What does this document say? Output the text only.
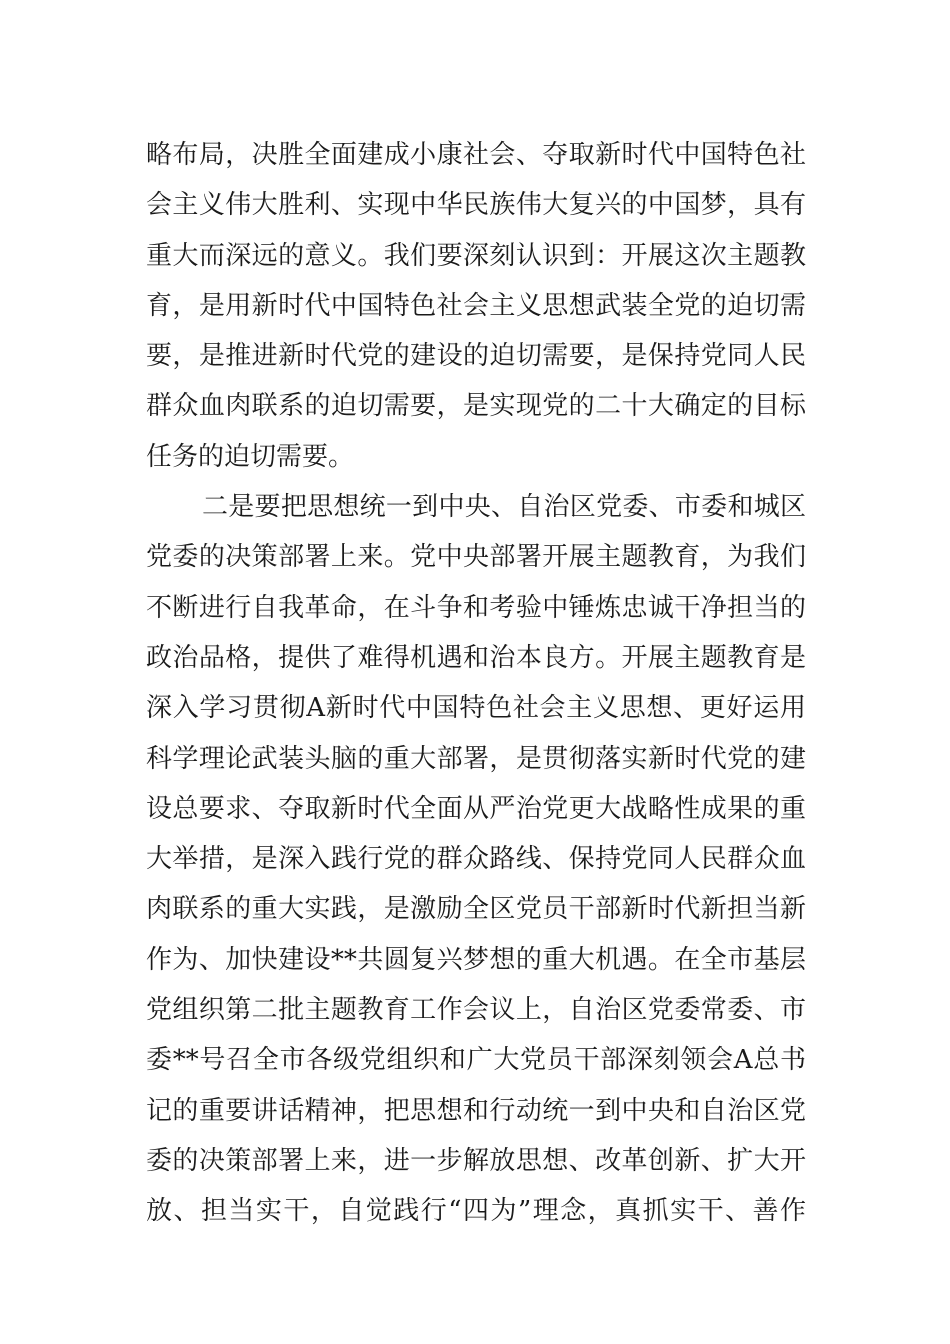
略布局，决胜全面建成小康社会、夺取新时代中国特色社
会主义伟大胜利、实现中华民族伟大复兴的中国梦，具有
重大而深远的意义。我们要深刻认识到：开展这次主题教
育，是用新时代中国特色社会主义思想武装全党的迫切需
要，是推进新时代党的建设的迫切需要，是保持党同人民
群众血肉联系的迫切需要，是实现党的二十大确定的目标
任务的迫切需要。
二是要把思想统一到中央、自治区党委、市委和城区
党委的决策部署上来。党中央部署开展主题教育，为我们
不断进行自我革命，在斗争和考验中锤炼忠诚干净担当的
政治品格，提供了难得机遇和治本良方。开展主题教育是
深入学习贯彻A新时代中国特色社会主义思想、更好运用
科学理论武装头脑的重大部署，是贯彻落实新时代党的建
设总要求、夺取新时代全面从严治党更大战略性成果的重
大举措，是深入践行党的群众路线、保持党同人民群众血
肉联系的重大实践，是激励全区党员干部新时代新担当新
作为、加快建设**共圆复兴梦想的重大机遇。在全市基层
党组织第二批主题教育工作会议上，自治区党委常委、市
委**号召全市各级党组织和广大党员干部深刻领会A总书
记的重要讲话精神，把思想和行动统一到中央和自治区党
委的决策部署上来，进一步解放思想、改革创新、扩大开
放、担当实干，自觉践行“四为”理念，真抓实干、善作
